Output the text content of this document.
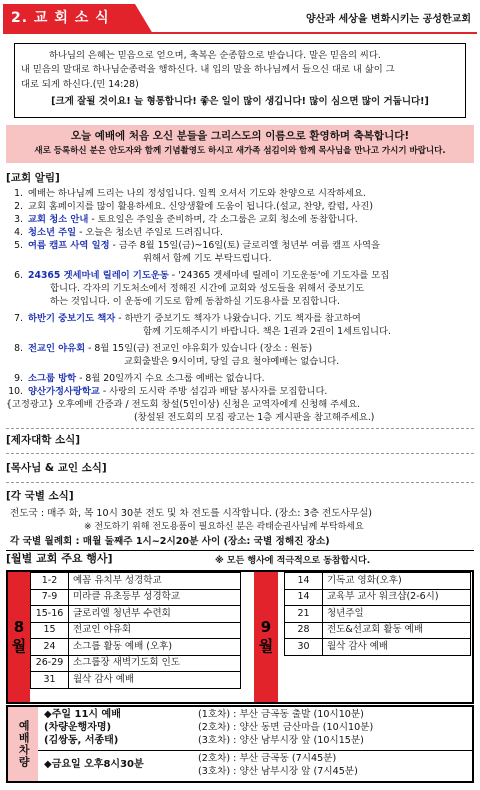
2. 교 회 소 식	양산과 세상을 변화시키는 공성한교회

하나님의 은혜는 믿음으로 얻으며, 축복은 순종함으로 받습니다. 말은 믿음의 씨다.

내 믿음의 말대로 하나님순종력을 행하신다. 내 입의 말을 하나님께서 들으신 대로 내 삶이 그

대로 되게 하신다.(민 14:28)

[크게 잘될 것이요! 늘 형통합니다! 좋은 일이 많이 생깁니다! 많이 심으면 많이 거둡니다!]

오늘 예배에 처음 오신 분들을 그리스도의 이름으로 환영하며 축복합니다!
새로 등록하신 분은 안도자와 함께 기념촬영도 하시고 새가족 섬김이와 함께 목사님을 만나고 가시기 바랍니다.
[교회 알림]
1. 예배는 하나님께 드리는 나의 정성입니다. 일찍 오셔서 기도와 찬양으로 시작하세요.
2. 교회 홈페이지를 많이 활용하세요. 신앙생활에 도움이 됩니다.(설교, 찬양, 칼럼, 사진)
3. 교회 청소 안내 - 토요일은 주일을 준비하며, 각 소그룹은 교회 청소에 동참합니다.
4. 청소년 주일 - 오늘은 청소년 주일로 드려집니다.
5. 여름 캠프 사역 일정 - 금주 8월 15일(금)~16일(토) 글로리엘 청년부 여름 캠프 사역을
위해서 함께 기도 부탁드립니다.
6. 24365 겟세마네 릴레이 기도운동 - '24365 겟세마네 릴레이 기도운동'에 기도자를 모집
합니다. 각자의 기도처소에서 정해진 시간에 교회와 성도들을 위해서 중보기도
하는 것입니다. 이 운동에 기도로 함께 동참하실 기도용사를 모집합니다.
7. 하반기 중보기도 책자 - 하반기 중보기도 책자가 나왔습니다. 기도 책자를 참고하여
함께 기도해주시기 바랍니다. 책은 1권과 2권이 1세트입니다.
8. 전교인 야유회 - 8월 15일(금) 전교인 야유회가 있습니다 (장소 : 원동)
교회출발은 9시이며, 당일 금요 철야예배는 없습니다.
9. 소그룹 방학 - 8월 20일까지 수요 소그룹 예배는 없습니다.
10. 양산가정사랑학교 - 사랑의 도시락 주방 섬김과 배달 봉사자를 모집합니다.
{고정광고} 오후예배 간증과 / 전도회 창설(5인이상) 신청은 교역자에게 신청해 주세요.
(창설된 전도회의 모집 광고는 1층 게시판을 참고해주세요.)
[제자대학 소식]
[목사님 & 교인 소식]
[각 국별 소식]
전도국 : 매주 화, 목 10시 30분 전도 및 차 전도를 시작합니다. (장소: 3층 전도사무실)
※ 전도하기 위해 전도용품이 필요하신 분은 곽태순권사님께 부탁하세요
각 국별 월례회 : 매월 둘째주 1시~2시20분 사이 (장소: 국별 정해진 장소)
[월별 교회 주요 행사]	※ 모든 행사에 적극적으로 동참합시다.
8 월
1-2	예꼼 유치부 성경학교
7-9	미라클 유초등부 성경학교
15-16	글로리엘 청년부 수련회
15	전교인 야유회
24	소그룹 활동 예배 (오후)
26-29	소그룹장 새벽기도회 인도
31	월삭 감사 예배
9 월
14	기독교 영화(오후)
14	교육부 교사 워크샵(2-6시)
21	청년주일
28	전도&선교회 활동 예배
30	월삭 감사 예배
예배차량
◆주일 11시 예배
(차량운행자명)
(김쌍동, 서종태)
(1호차) : 부산 금곡동 출발 (10시10분)
(2호차) : 양산 동면 금산마을 (10시10분)
(3호차) : 양산 남부시장 앞 (10시15분)
◆금요일 오후8시30분
(2호차) : 부산 금곡동 (7시45분)
(3호차) : 양산 남부시장 앞 (7시45분)
